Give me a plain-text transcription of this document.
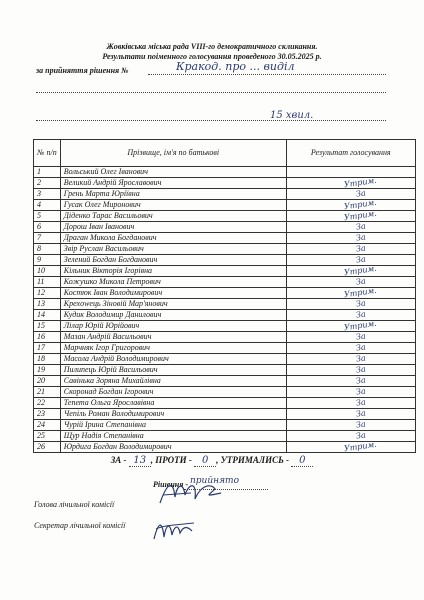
Жовківська міська рада VIII-го демократичного скликання.
Результати поіменного голосування проведеного 30.05.2025 р.
за прийняття рішення №	Кракод. про ... виділ
15 хвил.
№ п/п	Прізвище, ім'я по батькові	Результат голосування
1	Вольський Олег Іванович	
2	Великий Андрій Ярославович	Утрим.
3	Грень Марта Юріївна	За
4	Гусак Олег Миронович	Утрим.
5	Діденко Тарас Васильович	Утрим.
6	Дорош Іван Іванович	За
7	Драган Микола Богданович	За
8	Звір Руслан Васильович	За
9	Зелений Богдан Богданович	За
10	Кільник Вікторія Ігорівна	Утрим.
11	Кожушко Микола Петрович	За
12	Костюк Іван Володимирович	Утрим.
13	Крехowець Зіновій Мар'янович	За
14	Кудик Володимир Данилович	За
15	Лілар Юрій Юрійович	Утрим.
16	Мазан Андрій Васильович	За
17	Марчняк Ігор Григорович	За
18	Масола Андрій Володимирович	За
19	Пилипець Юрій Васильович	За
20	Савінька Зоряна Михайлівна	За
21	Скоронад Богдан Ігорович	За
22	Тепета Ольга Ярославівна	За
23	Чепіль Роман Володимирович	За
24	Чурій Ірина Степанівна	За
25	Щур Надія Степанівна	За
26	Юрдига Богдан Володимирович	Утрим.
ЗА - 13 , ПРОТИ - 0 , УТРИМАЛИСЬ - 0
Рішення - прийнято
Голова лічильної комісії
Секретар лічильної комісії
